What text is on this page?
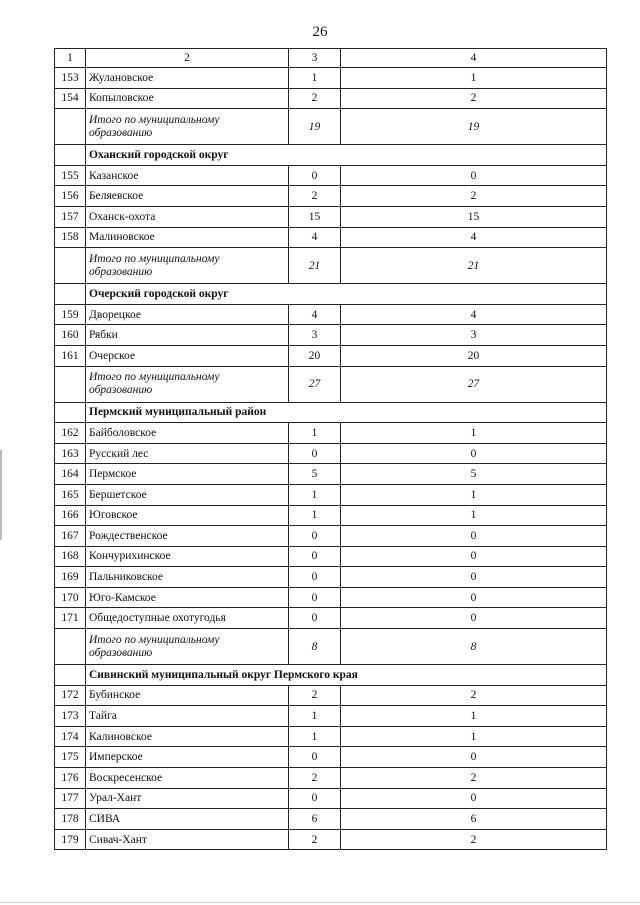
26
1	2	3	4
153	Жулановское	1	1
154	Копыловское	2	2
	Итого по муниципальному образованию	19	19
	Оханский городской округ		
155	Казанское	0	0
156	Беляевское	2	2
157	Оханск-охота	15	15
158	Малиновское	4	4
	Итого по муниципальному образованию	21	21
	Очерский городской округ		
159	Дворецкое	4	4
160	Рябки	3	3
161	Очерское	20	20
	Итого по муниципальному образованию	27	27
	Пермский муниципальный район		
162	Байболовское	1	1
163	Русский лес	0	0
164	Пермское	5	5
165	Бершетское	1	1
166	Юговское	1	1
167	Рождественское	0	0
168	Кончурихинское	0	0
169	Пальниковское	0	0
170	Юго-Камское	0	0
171	Общедоступные охотугодья	0	0
	Итого по муниципальному образованию	8	8
	Сивинский муниципальный округ Пермского края		
172	Бубинское	2	2
173	Тайга	1	1
174	Калиновское	1	1
175	Имперское	0	0
176	Воскресенское	2	2
177	Урал-Хант	0	0
178	СИВА	6	6
179	Сивач-Хант	2	2
